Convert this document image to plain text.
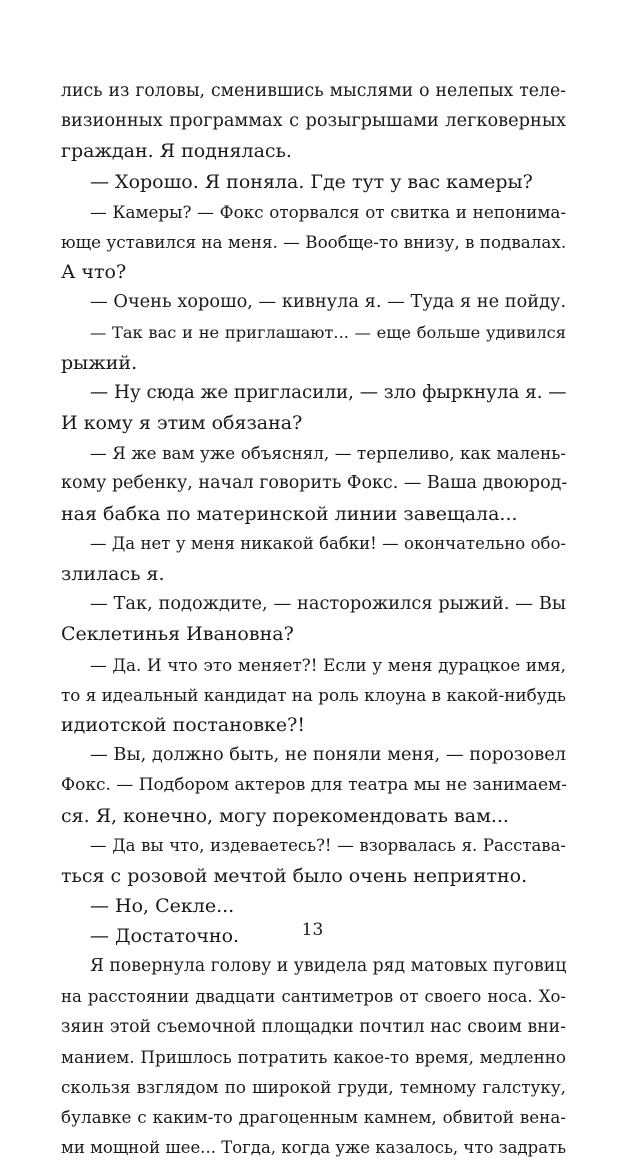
лись из головы, сменившись мыслями о нелепых теле-
визионных программах с розыгрышами легковерных
граждан. Я поднялась.
— Хорошо. Я поняла. Где тут у вас камеры?
— Камеры? — Фокс оторвался от свитка и непонима-
юще уставился на меня. — Вообще-то внизу, в подвалах.
А что?
— Очень хорошо, — кивнула я. — Туда я не пойду.
— Так вас и не приглашают... — еще больше удивился
рыжий.
— Ну сюда же пригласили, — зло фыркнула я. —
И кому я этим обязана?
— Я же вам уже объяснял, — терпеливо, как малень-
кому ребенку, начал говорить Фокс. — Ваша двоюрод-
ная бабка по материнской линии завещала...
— Да нет у меня никакой бабки! — окончательно обо-
злилась я.
— Так, подождите, — насторожился рыжий. — Вы
Секлетинья Ивановна?
— Да. И что это меняет?! Если у меня дурацкое имя,
то я идеальный кандидат на роль клоуна в какой-нибудь
идиотской постановке?!
— Вы, должно быть, не поняли меня, — порозовел
Фокс. — Подбором актеров для театра мы не занимаем-
ся. Я, конечно, могу порекомендовать вам...
— Да вы что, издеваетесь?! — взорвалась я. Расстава-
ться с розовой мечтой было очень неприятно.
— Но, Секле...
— Достаточно.
Я повернула голову и увидела ряд матовых пуговиц
на расстоянии двадцати сантиметров от своего носа. Хо-
зяин этой съемочной площадки почтил нас своим вни-
манием. Пришлось потратить какое-то время, медленно
скользя взглядом по широкой груди, темному галстуку,
булавке с каким-то драгоценным камнем, обвитой вена-
ми мощной шее... Тогда, когда уже казалось, что задрать
13
